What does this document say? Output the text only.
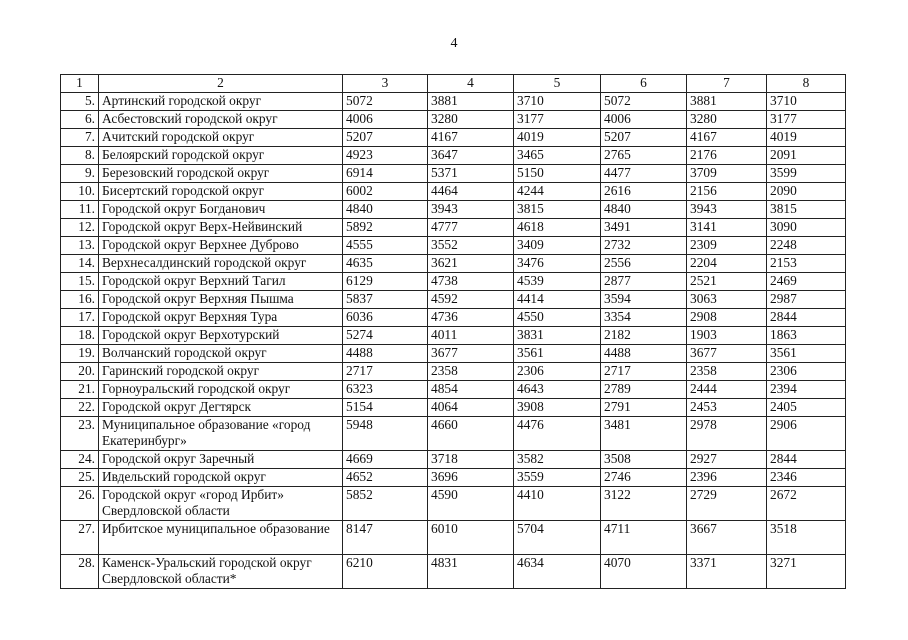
4
1	2	3	4	5	6	7	8
5.	Артинский городской округ	5072	3881	3710	5072	3881	3710
6.	Асбестовский городской округ	4006	3280	3177	4006	3280	3177
7.	Ачитский городской округ	5207	4167	4019	5207	4167	4019
8.	Белоярский городской округ	4923	3647	3465	2765	2176	2091
9.	Березовский городской округ	6914	5371	5150	4477	3709	3599
10.	Бисертский городской округ	6002	4464	4244	2616	2156	2090
11.	Городской округ Богданович	4840	3943	3815	4840	3943	3815
12.	Городской округ Верх-Нейвинский	5892	4777	4618	3491	3141	3090
13.	Городской округ Верхнее Дуброво	4555	3552	3409	2732	2309	2248
14.	Верхнесалдинский городской округ	4635	3621	3476	2556	2204	2153
15.	Городской округ Верхний Тагил	6129	4738	4539	2877	2521	2469
16.	Городской округ Верхняя Пышма	5837	4592	4414	3594	3063	2987
17.	Городской округ Верхняя Тура	6036	4736	4550	3354	2908	2844
18.	Городской округ Верхотурский	5274	4011	3831	2182	1903	1863
19.	Волчанский городской округ	4488	3677	3561	4488	3677	3561
20.	Гаринский городской округ	2717	2358	2306	2717	2358	2306
21.	Горноуральский городской округ	6323	4854	4643	2789	2444	2394
22.	Городской округ Дегтярск	5154	4064	3908	2791	2453	2405
23.	Муниципальное образование «город Екатеринбург»	5948	4660	4476	3481	2978	2906
24.	Городской округ Заречный	4669	3718	3582	3508	2927	2844
25.	Ивдельский городской округ	4652	3696	3559	2746	2396	2346
26.	Городской округ «город Ирбит» Свердловской области	5852	4590	4410	3122	2729	2672
27.	Ирбитское муниципальное образование	8147	6010	5704	4711	3667	3518
28.	Каменск-Уральский городской округ Свердловской области*	6210	4831	4634	4070	3371	3271
